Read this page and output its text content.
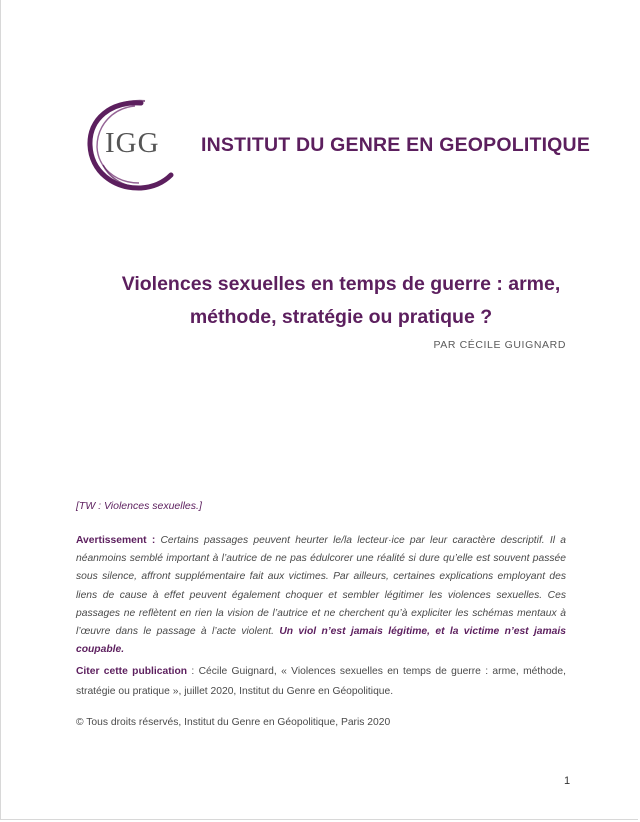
IGG INSTITUT DU GENRE EN GEOPOLITIQUE
Violences sexuelles en temps de guerre : arme,
méthode, stratégie ou pratique ?
PAR CÉCILE GUIGNARD
[TW : Violences sexuelles.]
Avertissement : Certains passages peuvent heurter le/la lecteur·ice par leur caractère descriptif. Il a néanmoins semblé important à l’autrice de ne pas édulcorer une réalité si dure qu’elle est souvent passée sous silence, affront supplémentaire fait aux victimes. Par ailleurs, certaines explications employant des liens de cause à effet peuvent également choquer et sembler légitimer les violences sexuelles. Ces passages ne reflètent en rien la vision de l’autrice et ne cherchent qu’à expliciter les schémas mentaux à l’œuvre dans le passage à l’acte violent. Un viol n’est jamais légitime, et la victime n’est jamais coupable.
Citer cette publication : Cécile Guignard, « Violences sexuelles en temps de guerre : arme, méthode, stratégie ou pratique », juillet 2020, Institut du Genre en Géopolitique.
© Tous droits réservés, Institut du Genre en Géopolitique, Paris 2020
1
